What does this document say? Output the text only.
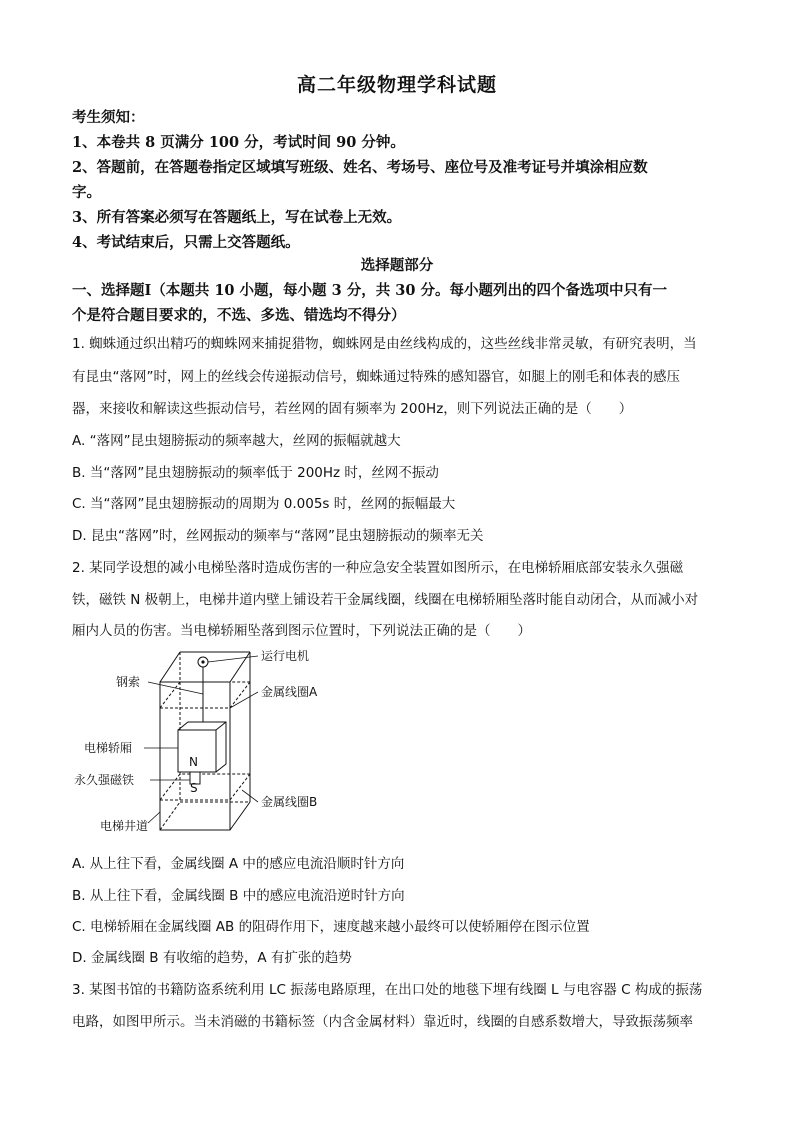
高二年级物理学科试题
考生须知：
1、本卷共 8 页满分 100 分，考试时间 90 分钟。
2、答题前，在答题卷指定区域填写班级、姓名、考场号、座位号及准考证号并填涂相应数
字。
3、所有答案必须写在答题纸上，写在试卷上无效。
4、考试结束后，只需上交答题纸。
选择题部分
一、选择题Ⅰ（本题共 10 小题，每小题 3 分，共 30 分。每小题列出的四个备选项中只有一
个是符合题目要求的，不选、多选、错选均不得分）
1. 蜘蛛通过织出精巧的蜘蛛网来捕捉猎物，蜘蛛网是由丝线构成的，这些丝线非常灵敏，有研究表明，当
有昆虫“落网”时，网上的丝线会传递振动信号，蜘蛛通过特殊的感知器官，如腿上的刚毛和体表的感压
器，来接收和解读这些振动信号，若丝网的固有频率为 200Hz，则下列说法正确的是（　　）
A. “落网”昆虫翅膀振动的频率越大，丝网的振幅就越大
B. 当“落网”昆虫翅膀振动的频率低于 200Hz 时，丝网不振动
C. 当“落网”昆虫翅膀振动的周期为 0.005s 时，丝网的振幅最大
D. 昆虫“落网”时，丝网振动的频率与“落网”昆虫翅膀振动的频率无关
2. 某同学设想的减小电梯坠落时造成伤害的一种应急安全装置如图所示，在电梯轿厢底部安装永久强磁
铁，磁铁 N 极朝上，电梯井道内壁上铺设若干金属线圈，线圈在电梯轿厢坠落时能自动闭合，从而减小对
厢内人员的伤害。当电梯轿厢坠落到图示位置时，下列说法正确的是（　　）
N
S
运行电机
钢索
金属线圈A
电梯轿厢
永久强磁铁
金属线圈B
电梯井道
A. 从上往下看，金属线圈 A 中的感应电流沿顺时针方向
B. 从上往下看，金属线圈 B 中的感应电流沿逆时针方向
C. 电梯轿厢在金属线圈 AB 的阻碍作用下，速度越来越小最终可以使轿厢停在图示位置
D. 金属线圈 B 有收缩的趋势，A 有扩张的趋势
3. 某图书馆的书籍防盗系统利用 LC 振荡电路原理，在出口处的地毯下埋有线圈 L 与电容器 C 构成的振荡
电路，如图甲所示。当未消磁的书籍标签（内含金属材料）靠近时，线圈的自感系数增大，导致振荡频率
